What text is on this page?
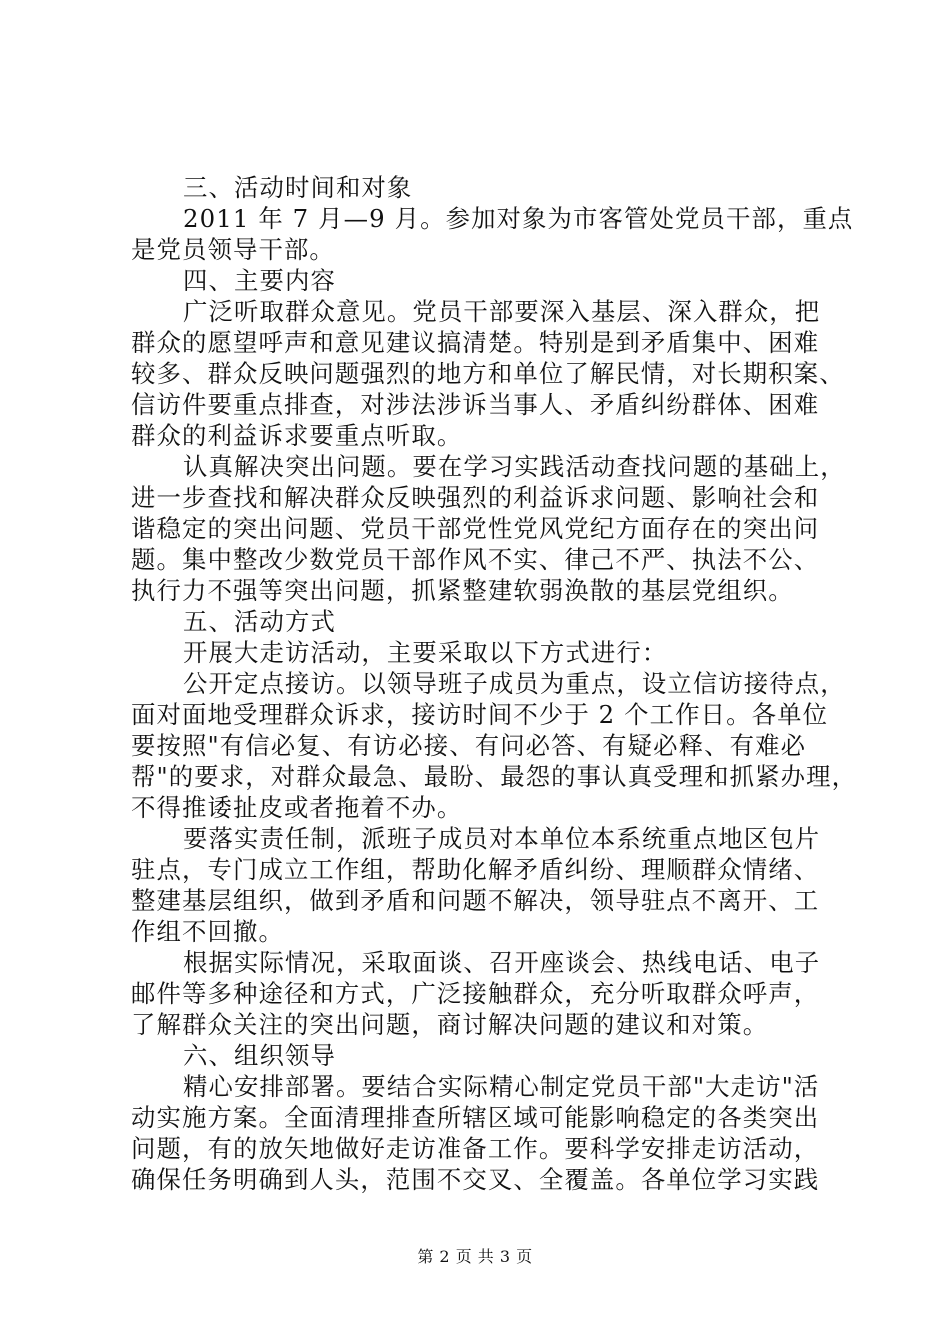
三、活动时间和对象
2011 年 7 月—9 月。参加对象为市客管处党员干部，重点
是党员领导干部。
四、主要内容
广泛听取群众意见。党员干部要深入基层、深入群众，把
群众的愿望呼声和意见建议搞清楚。特别是到矛盾集中、困难
较多、群众反映问题强烈的地方和单位了解民情，对长期积案、
信访件要重点排查，对涉法涉诉当事人、矛盾纠纷群体、困难
群众的利益诉求要重点听取。
认真解决突出问题。要在学习实践活动查找问题的基础上，
进一步查找和解决群众反映强烈的利益诉求问题、影响社会和
谐稳定的突出问题、党员干部党性党风党纪方面存在的突出问
题。集中整改少数党员干部作风不实、律己不严、执法不公、
执行力不强等突出问题，抓紧整建软弱涣散的基层党组织。
五、活动方式
开展大走访活动，主要采取以下方式进行：
公开定点接访。以领导班子成员为重点，设立信访接待点，
面对面地受理群众诉求，接访时间不少于 2 个工作日。各单位
要按照"有信必复、有访必接、有问必答、有疑必释、有难必
帮"的要求，对群众最急、最盼、最怨的事认真受理和抓紧办理，
不得推诿扯皮或者拖着不办。
要落实责任制，派班子成员对本单位本系统重点地区包片
驻点，专门成立工作组，帮助化解矛盾纠纷、理顺群众情绪、
整建基层组织，做到矛盾和问题不解决，领导驻点不离开、工
作组不回撤。
根据实际情况，采取面谈、召开座谈会、热线电话、电子
邮件等多种途径和方式，广泛接触群众，充分听取群众呼声，
了解群众关注的突出问题，商讨解决问题的建议和对策。
六、组织领导
精心安排部署。要结合实际精心制定党员干部"大走访"活
动实施方案。全面清理排查所辖区域可能影响稳定的各类突出
问题，有的放矢地做好走访准备工作。要科学安排走访活动，
确保任务明确到人头，范围不交叉、全覆盖。各单位学习实践
第 2 页 共 3 页
